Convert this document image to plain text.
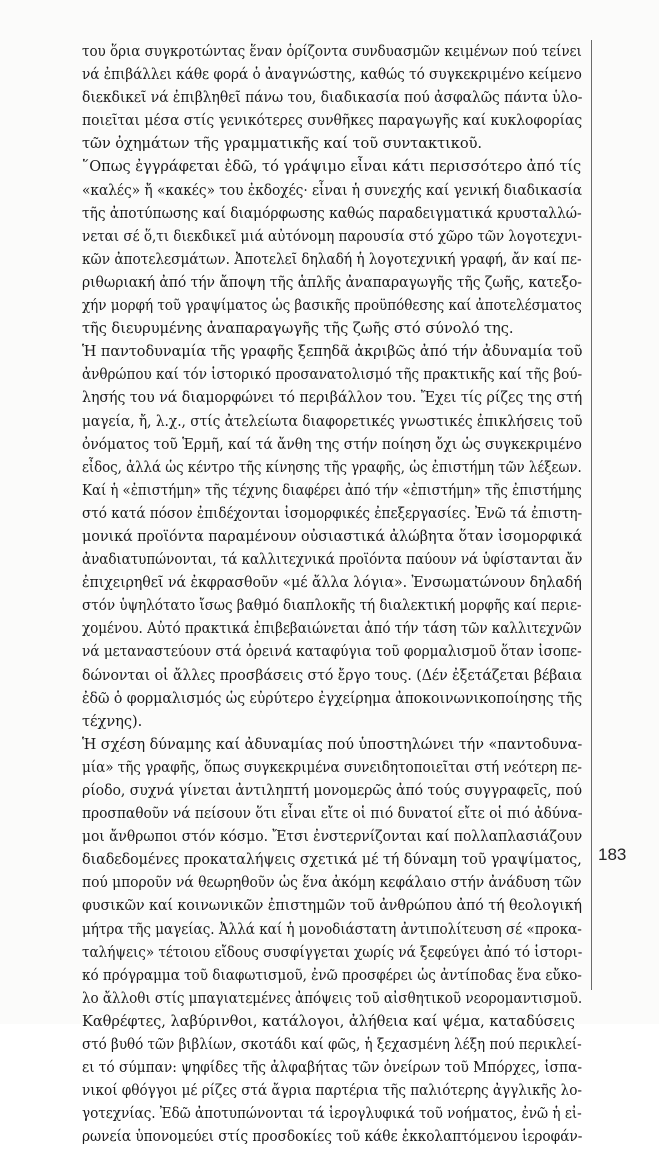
του ὅρια συγκροτώντας ἕναν ὁρίζοντα συνδυασμῶν κειμένων πού τείνει
νά ἐπιβάλλει κάθε φορά ὁ ἀναγνώστης, καθώς τό συγκεκριμένο κείμενο
διεκδικεῖ νά ἐπιβληθεῖ πάνω του, διαδικασία πού ἀσφαλῶς πάντα ὑλο-
ποιεῖται μέσα στίς γενικότερες συνθῆκες παραγωγῆς καί κυκλοφορίας
τῶν ὀχημάτων τῆς γραμματικῆς καί τοῦ συντακτικοῦ.
῞Οπως ἐγγράφεται ἐδῶ, τό γράψιμο εἶναι κάτι περισσότερο ἀπό τίς
«καλές» ἤ «κακές» του ἐκδοχές· εἶναι ἡ συνεχής καί γενική διαδικασία
τῆς ἀποτύπωσης καί διαμόρφωσης καθώς παραδειγματικά κρυσταλλώ-
νεται σέ ὅ,τι διεκδικεῖ μιά αὐτόνομη παρουσία στό χῶρο τῶν λογοτεχνι-
κῶν ἀποτελεσμάτων. Ἀποτελεῖ δηλαδή ἡ λογοτεχνική γραφή, ἄν καί πε-
ριθωριακή ἀπό τήν ἄποψη τῆς ἁπλῆς ἀναπαραγωγῆς τῆς ζωῆς, κατεξο-
χήν μορφή τοῦ γραψίματος ὡς βασικῆς προϋπόθεσης καί ἀποτελέσματος
τῆς διευρυμένης ἀναπαραγωγῆς τῆς ζωῆς στό σύνολό της.
Ἡ παντοδυναμία τῆς γραφῆς ξεπηδᾶ ἀκριβῶς ἀπό τήν ἀδυναμία τοῦ
ἀνθρώπου καί τόν ἱστορικό προσανατολισμό τῆς πρακτικῆς καί τῆς βού-
λησής του νά διαμορφώνει τό περιβάλλον του. Ἔχει τίς ρίζες της στή
μαγεία, ἤ, λ.χ., στίς ἀτελείωτα διαφορετικές γνωστικές ἐπικλήσεις τοῦ
ὀνόματος τοῦ Ἑρμῆ, καί τά ἄνθη της στήν ποίηση ὄχι ὡς συγκεκριμένο
εἶδος, ἀλλά ὡς κέντρο τῆς κίνησης τῆς γραφῆς, ὡς ἐπιστήμη τῶν λέξεων.
Καί ἡ «ἐπιστήμη» τῆς τέχνης διαφέρει ἀπό τήν «ἐπιστήμη» τῆς ἐπιστήμης
στό κατά πόσον ἐπιδέχονται ἰσομορφικές ἐπεξεργασίες. Ἐνῶ τά ἐπιστη-
μονικά προϊόντα παραμένουν οὐσιαστικά ἀλώβητα ὅταν ἰσομορφικά
ἀναδιατυπώνονται, τά καλλιτεχνικά προϊόντα παύουν νά ὑφίστανται ἄν
ἐπιχειρηθεῖ νά ἐκφρασθοῦν «μέ ἄλλα λόγια». Ἐνσωματώνουν δηλαδή
στόν ὑψηλότατο ἴσως βαθμό διαπλοκῆς τή διαλεκτική μορφῆς καί περιε-
χομένου. Αὐτό πρακτικά ἐπιβεβαιώνεται ἀπό τήν τάση τῶν καλλιτεχνῶν
νά μεταναστεύουν στά ὀρεινά καταφύγια τοῦ φορμαλισμοῦ ὅταν ἰσοπε-
δώνονται οἱ ἄλλες προσβάσεις στό ἔργο τους. (Δέν ἐξετάζεται βέβαια
ἐδῶ ὁ φορμαλισμός ὡς εὐρύτερο ἐγχείρημα ἀποκοινωνικοποίησης τῆς
τέχνης).
Ἡ σχέση δύναμης καί ἀδυναμίας πού ὑποστηλώνει τήν «παντοδυνα-
μία» τῆς γραφῆς, ὅπως συγκεκριμένα συνειδητοποιεῖται στή νεότερη πε-
ρίοδο, συχνά γίνεται ἀντιληπτή μονομερῶς ἀπό τούς συγγραφεῖς, πού
προσπαθοῦν νά πείσουν ὅτι εἶναι εἴτε οἱ πιό δυνατοί εἴτε οἱ πιό ἀδύνα-
μοι ἄνθρωποι στόν κόσμο. Ἔτσι ἐνστερνίζονται καί πολλαπλασιάζουν
διαδεδομένες προκαταλήψεις σχετικά μέ τή δύναμη τοῦ γραψίματος,
πού μποροῦν νά θεωρηθοῦν ὡς ἕνα ἀκόμη κεφάλαιο στήν ἀνάδυση τῶν
φυσικῶν καί κοινωνικῶν ἐπιστημῶν τοῦ ἀνθρώπου ἀπό τή θεολογική
μήτρα τῆς μαγείας. Ἀλλά καί ἡ μονοδιάστατη ἀντιπολίτευση σέ «προκα-
ταλήψεις» τέτοιου εἴδους συσφίγγεται χωρίς νά ξεφεύγει ἀπό τό ἱστορι-
κό πρόγραμμα τοῦ διαφωτισμοῦ, ἐνῶ προσφέρει ὡς ἀντίποδας ἕνα εὔκο-
λο ἄλλοθι στίς μπαγιατεμένες ἀπόψεις τοῦ αἰσθητικοῦ νεορομαντισμοῦ.
Καθρέφτες, λαβύρινθοι, κατάλογοι, ἀλήθεια καί ψέμα, καταδύσεις
στό βυθό τῶν βιβλίων, σκοτάδι καί φῶς, ἡ ξεχασμένη λέξη πού περικλεί-
ει τό σύμπαν: ψηφίδες τῆς ἀλφαβήτας τῶν ὀνείρων τοῦ Μπόρχες, ἱσπα-
νικοί φθόγγοι μέ ρίζες στά ἄγρια παρτέρια τῆς παλιότερης ἀγγλικῆς λο-
γοτεχνίας. Ἐδῶ ἀποτυπώνονται τά ἱερογλυφικά τοῦ νοήματος, ἐνῶ ἡ εἰ-
ρωνεία ὑπονομεύει στίς προσδοκίες τοῦ κάθε ἐκκολαπτόμενου ἱεροφάν-
183
